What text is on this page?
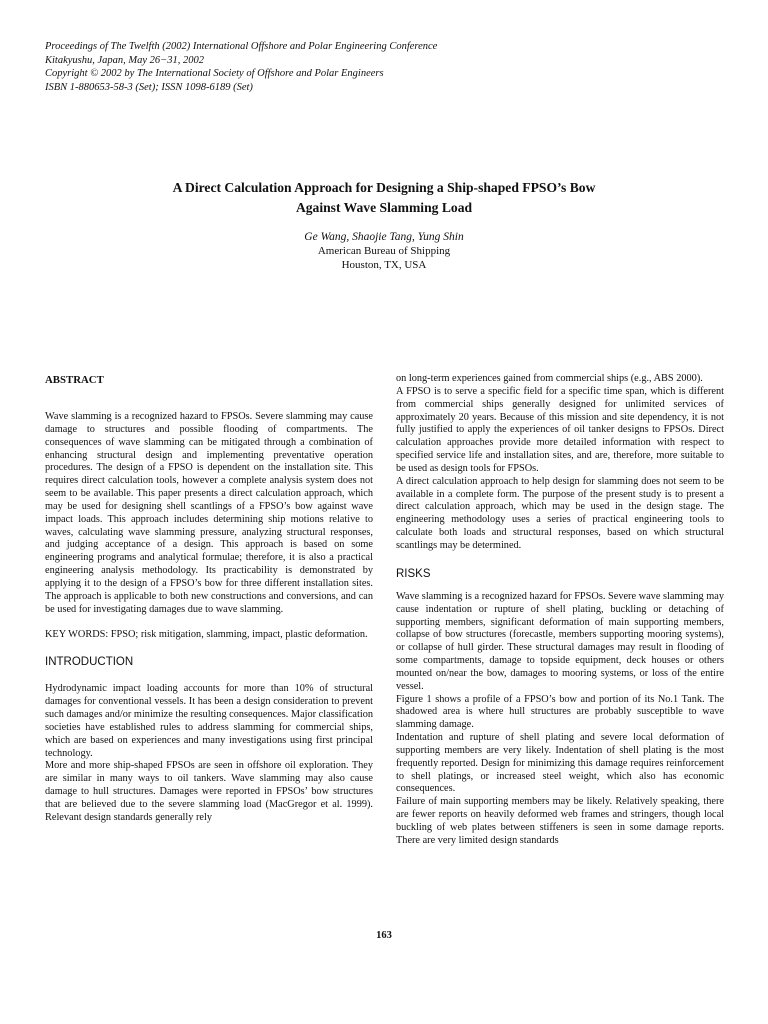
Proceedings of The Twelfth (2002) International Offshore and Polar Engineering Conference
Kitakyushu, Japan, May 26−31, 2002
Copyright © 2002 by The International Society of Offshore and Polar Engineers
ISBN 1-880653-58-3 (Set); ISSN 1098-6189 (Set)
A Direct Calculation Approach for Designing a Ship-shaped FPSO’s Bow
Against Wave Slamming Load
Ge Wang, Shaojie Tang, Yung Shin
American Bureau of Shipping
Houston, TX, USA
ABSTRACT

Wave slamming is a recognized hazard to FPSOs. Severe slamming may cause damage to structures and possible flooding of compartments. The consequences of wave slamming can be mitigated through a combination of enhancing structural design and implementing preventative operation procedures. The design of a FPSO is dependent on the installation site. This requires direct calculation tools, however a complete analysis system does not seem to be available. This paper presents a direct calculation approach, which may be used for designing shell scantlings of a FPSO’s bow against wave impact loads. This approach includes determining ship motions relative to waves, calculating wave slamming pressure, analyzing structural responses, and judging acceptance of a design. This approach is based on some engineering programs and analytical formulae; therefore, it is also a practical engineering analysis methodology. Its practicability is demonstrated by applying it to the design of a FPSO’s bow for three different installation sites. The approach is applicable to both new constructions and conversions, and can be used for investigating damages due to wave slamming.

KEY WORDS: FPSO; risk mitigation, slamming, impact, plastic deformation.

INTRODUCTION

Hydrodynamic impact loading accounts for more than 10% of structural damages for conventional vessels. It has been a design consideration to prevent such damages and/or minimize the resulting consequences. Major classification societies have established rules to address slamming for commercial ships, which are based on experiences and many investigations using first principal technology.

More and more ship-shaped FPSOs are seen in offshore oil exploration. They are similar in many ways to oil tankers. Wave slamming may also cause damage to hull structures. Damages were reported in FPSOs’ bow structures that are believed due to the severe slamming load (MacGregor et al. 1999). Relevant design standards generally rely

on long-term experiences gained from commercial ships (e.g., ABS 2000).

A FPSO is to serve a specific field for a specific time span, which is different from commercial ships generally designed for unlimited services of approximately 20 years. Because of this mission and site dependency, it is not fully justified to apply the experiences of oil tanker designs to FPSOs. Direct calculation approaches provide more detailed information with respect to specified service life and installation sites, and are, therefore, more suitable to be used as design tools for FPSOs.

A direct calculation approach to help design for slamming does not seem to be available in a complete form. The purpose of the present study is to present a direct calculation approach, which may be used in the design stage. The engineering methodology uses a series of practical engineering tools to calculate both loads and structural responses, based on which structural scantlings may be determined.

RISKS

Wave slamming is a recognized hazard for FPSOs. Severe wave slamming may cause indentation or rupture of shell plating, buckling or detaching of supporting members, significant deformation of main supporting members, collapse of bow structures (forecastle, members supporting mooring systems), or collapse of hull girder. These structural damages may result in flooding of some compartments, damage to topside equipment, deck houses or others mounted on/near the bow, damages to mooring systems, or loss of the entire vessel.

Figure 1 shows a profile of a FPSO’s bow and portion of its No.1 Tank. The shadowed area is where hull structures are probably susceptible to wave slamming damage.

Indentation and rupture of shell plating and severe local deformation of supporting members are very likely. Indentation of shell plating is the most frequently reported. Design for minimizing this damage requires reinforcement to shell platings, or increased steel weight, which also has economic consequences.

Failure of main supporting members may be likely. Relatively speaking, there are fewer reports on heavily deformed web frames and stringers, though local buckling of web plates between stiffeners is seen in some damage reports. There are very limited design standards

163
